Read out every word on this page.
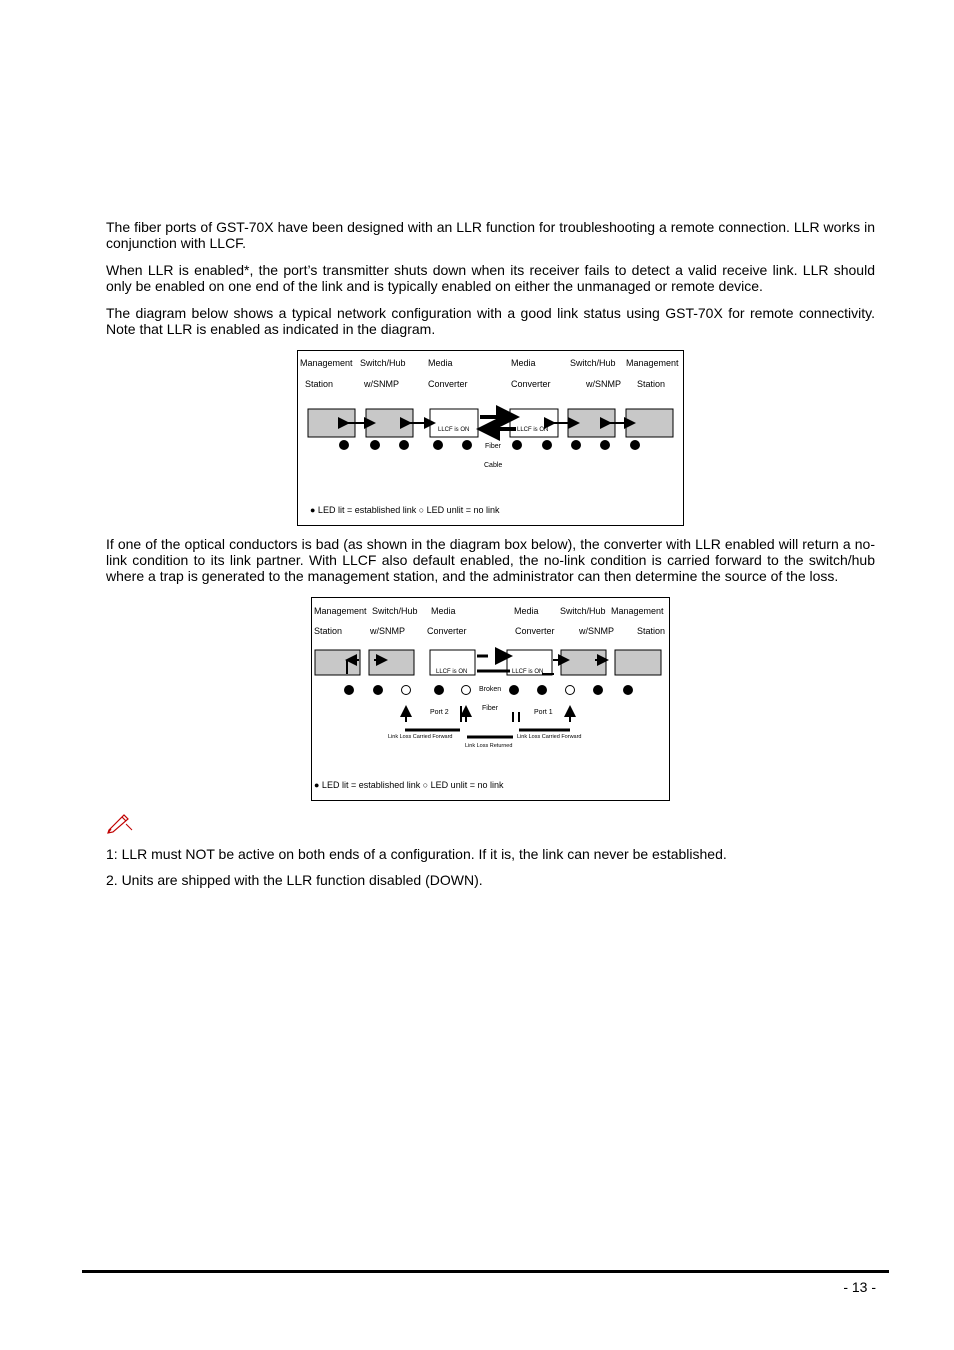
The fiber ports of GST-70X have been designed with an LLR function for troubleshooting a remote connection. LLR works in conjunction with LLCF.

When LLR is enabled*, the port’s transmitter shuts down when its receiver fails to detect a valid receive link. LLR should only be enabled on one end of the link and is typically enabled on either the unmanaged or remote device.

The diagram below shows a typical network configuration with a good link status using GST-70X for remote connectivity. Note that LLR is enabled as indicated in the diagram.

Management Switch/Hub Media	Media	Switch/Hub Management
Station	w/SNMP	Converter	Converter	w/SNMP Station
LLCF is ON	LLCF is ON
Fiber
Cable
● LED lit = established link ○ LED unlit = no link

If one of the optical conductors is bad (as shown in the diagram box below), the converter with LLR enabled will return a no-link condition to its link partner. With LLCF also default enabled, the no-link condition is carried forward to the switch/hub where a trap is generated to the management station, and the administrator can then determine the source of the loss.

Management Switch/Hub Media	Media Switch/Hub Management
Station	w/SNMP Converter	Converter	w/SNMP	Station
LLCF is ON	LLCF is ON
Broken
Fiber
Port 2	Port 1
Link Loss Carried Forward	Link Loss Carried Forward
Link Loss Returned
● LED lit = established link ○ LED unlit = no link

1: LLR must NOT be active on both ends of a configuration. If it is, the link can never be established.

2. Units are shipped with the LLR function disabled (DOWN).

- 13 -
